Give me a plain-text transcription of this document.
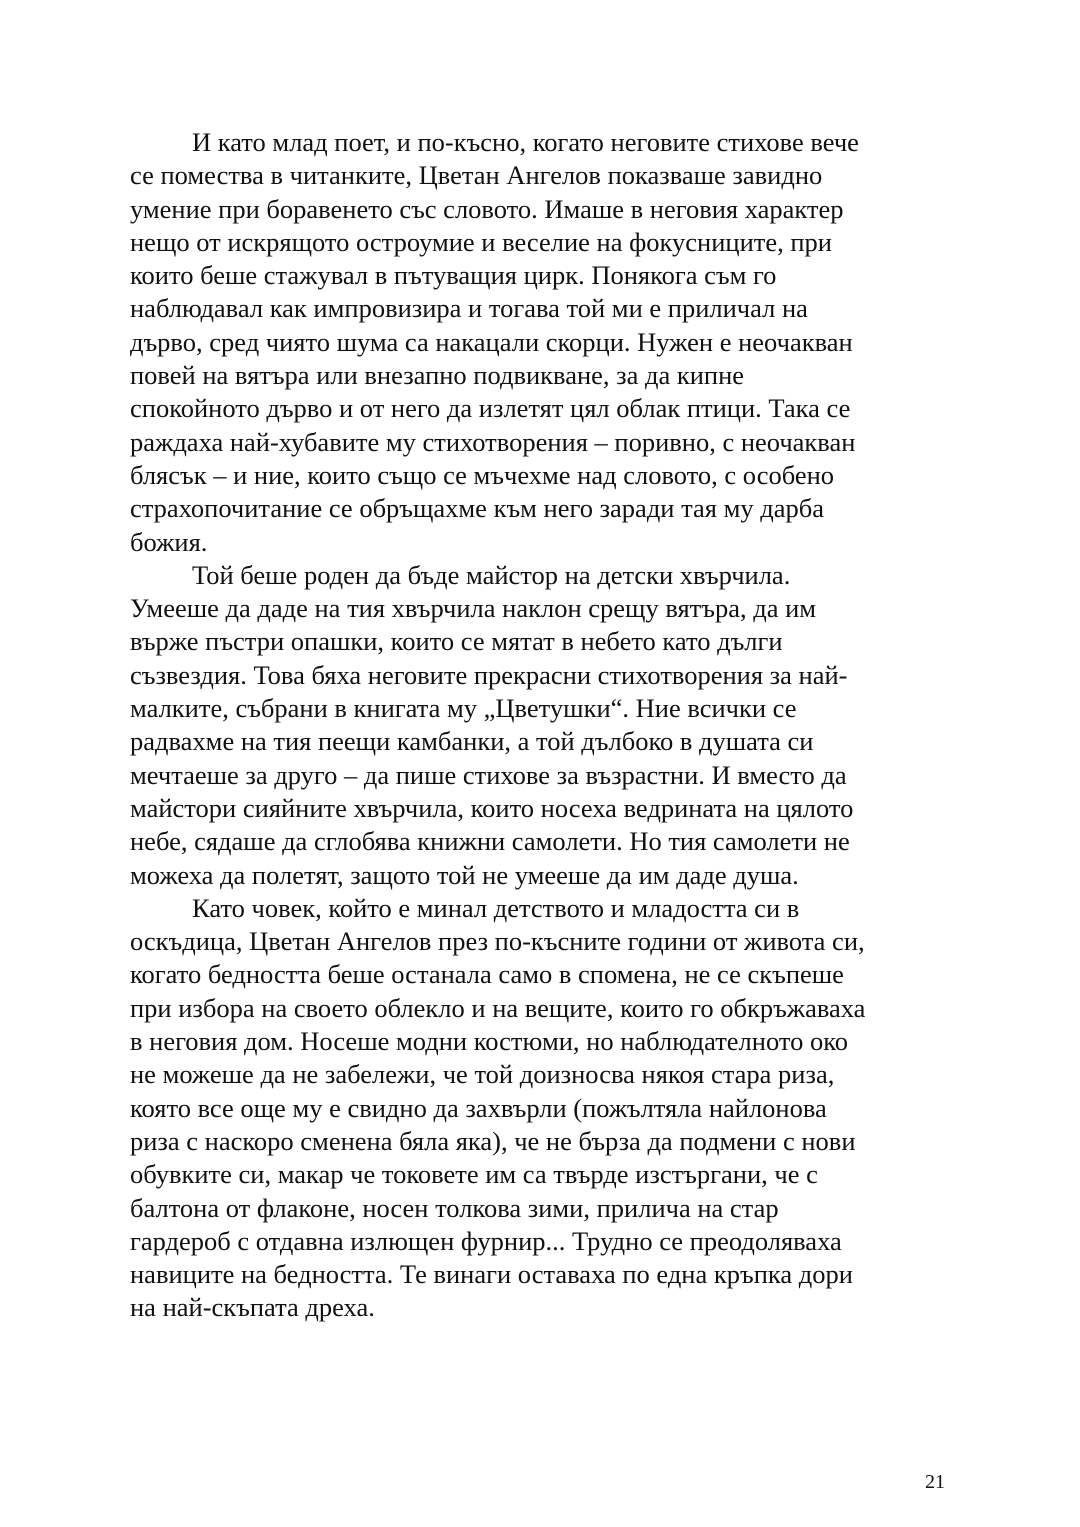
И като млад поет, и по-късно, когато неговите стихове вече
се помества в читанките, Цветан Ангелов показваше завидно
умение при боравенето със словото. Имаше в неговия характер
нещо от искрящото остроумие и веселие на фокусниците, при
които беше стажувал в пътуващия цирк. Понякога съм го
наблюдавал как импровизира и тогава той ми е приличал на
дърво, сред чиято шума са накацали скорци. Нужен е неочакван
повей на вятъра или внезапно подвикване, за да кипне
спокойното дърво и от него да излетят цял облак птици. Така се
раждаха най-хубавите му стихотворения – поривно, с неочакван
блясък – и ние, които също се мъчехме над словото, с особено
страхопочитание се обръщахме към него заради тая му дарба
божия.
Той беше роден да бъде майстор на детски хвърчила.
Умееше да даде на тия хвърчила наклон срещу вятъра, да им
върже пъстри опашки, които се мятат в небето като дълги
съзвездия. Това бяха неговите прекрасни стихотворения за най-
малките, събрани в книгата му „Цветушки“. Ние всички се
радвахме на тия пеещи камбанки, а той дълбоко в душата си
мечтаеше за друго – да пише стихове за възрастни. И вместо да
майстори сияйните хвърчила, които носеха ведрината на цялото
небе, сядаше да сглобява книжни самолети. Но тия самолети не
можеха да полетят, защото той не умееше да им даде душа.
Като човек, който е минал детството и младостта си в
оскъдица, Цветан Ангелов през по-късните години от живота си,
когато бедността беше останала само в спомена, не се скъпеше
при избора на своето облекло и на вещите, които го обкръжаваха
в неговия дом. Носеше модни костюми, но наблюдателното око
не можеше да не забележи, че той доизносва някоя стара риза,
която все още му е свидно да захвърли (пожълтяла найлонова
риза с наскоро сменена бяла яка), че не бърза да подмени с нови
обувките си, макар че токовете им са твърде изстъргани, че с
балтона от флаконе, носен толкова зими, прилича на стар
гардероб с отдавна излющен фурнир... Трудно се преодоляваха
навиците на бедността. Те винаги оставаха по една кръпка дори
на най-скъпата дреха.
21
